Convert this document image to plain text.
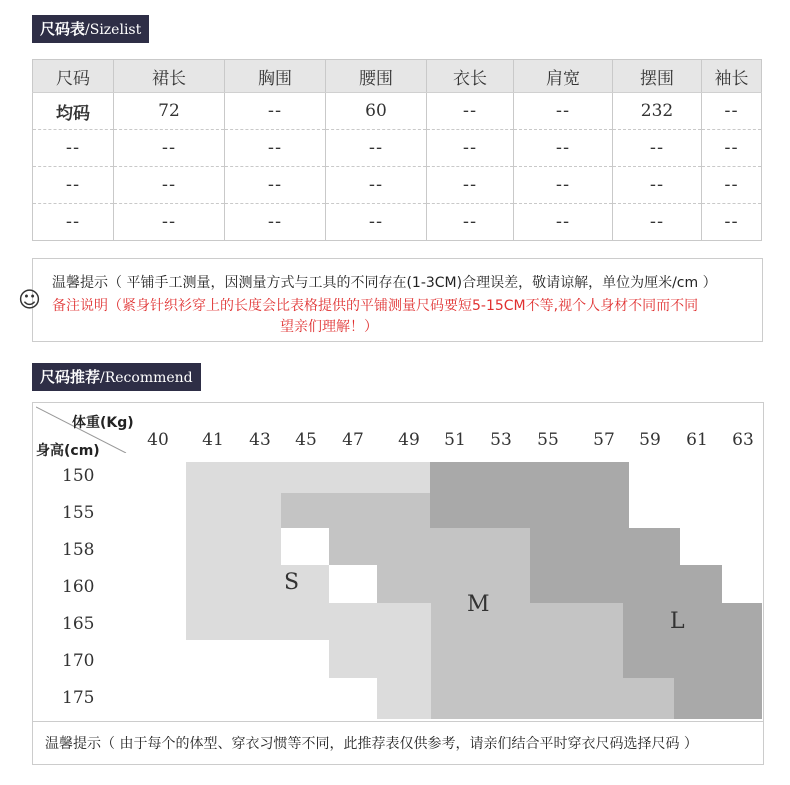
尺码表/Sizelist
尺码	裙长	胸围	腰围	衣长	肩宽	摆围	袖长
均码	72	--	60	--	--	232	--
--	--	--	--	--	--	--	--
--	--	--	--	--	--	--	--
--	--	--	--	--	--	--	--
☺
温馨提示（ 平铺手工测量，因测量方式与工具的不同存在(1-3CM)合理误差，敬请谅解，单位为厘米/cm ）
备注说明（紧身针织衫穿上的长度会比表格提供的平铺测量尺码要短5-15CM不等,视个人身材不同而不同
望亲们理解！）
尺码推荐/Recommend
S
M
L
体重(Kg)
身高(cm)
40 41 43 45 47 49 51 53 55 57 59 61 63
150
155
158
160
165
170
175
温馨提示（ 由于每个的体型、穿衣习惯等不同，此推荐表仅供参考，请亲们结合平时穿衣尺码选择尺码 ）
